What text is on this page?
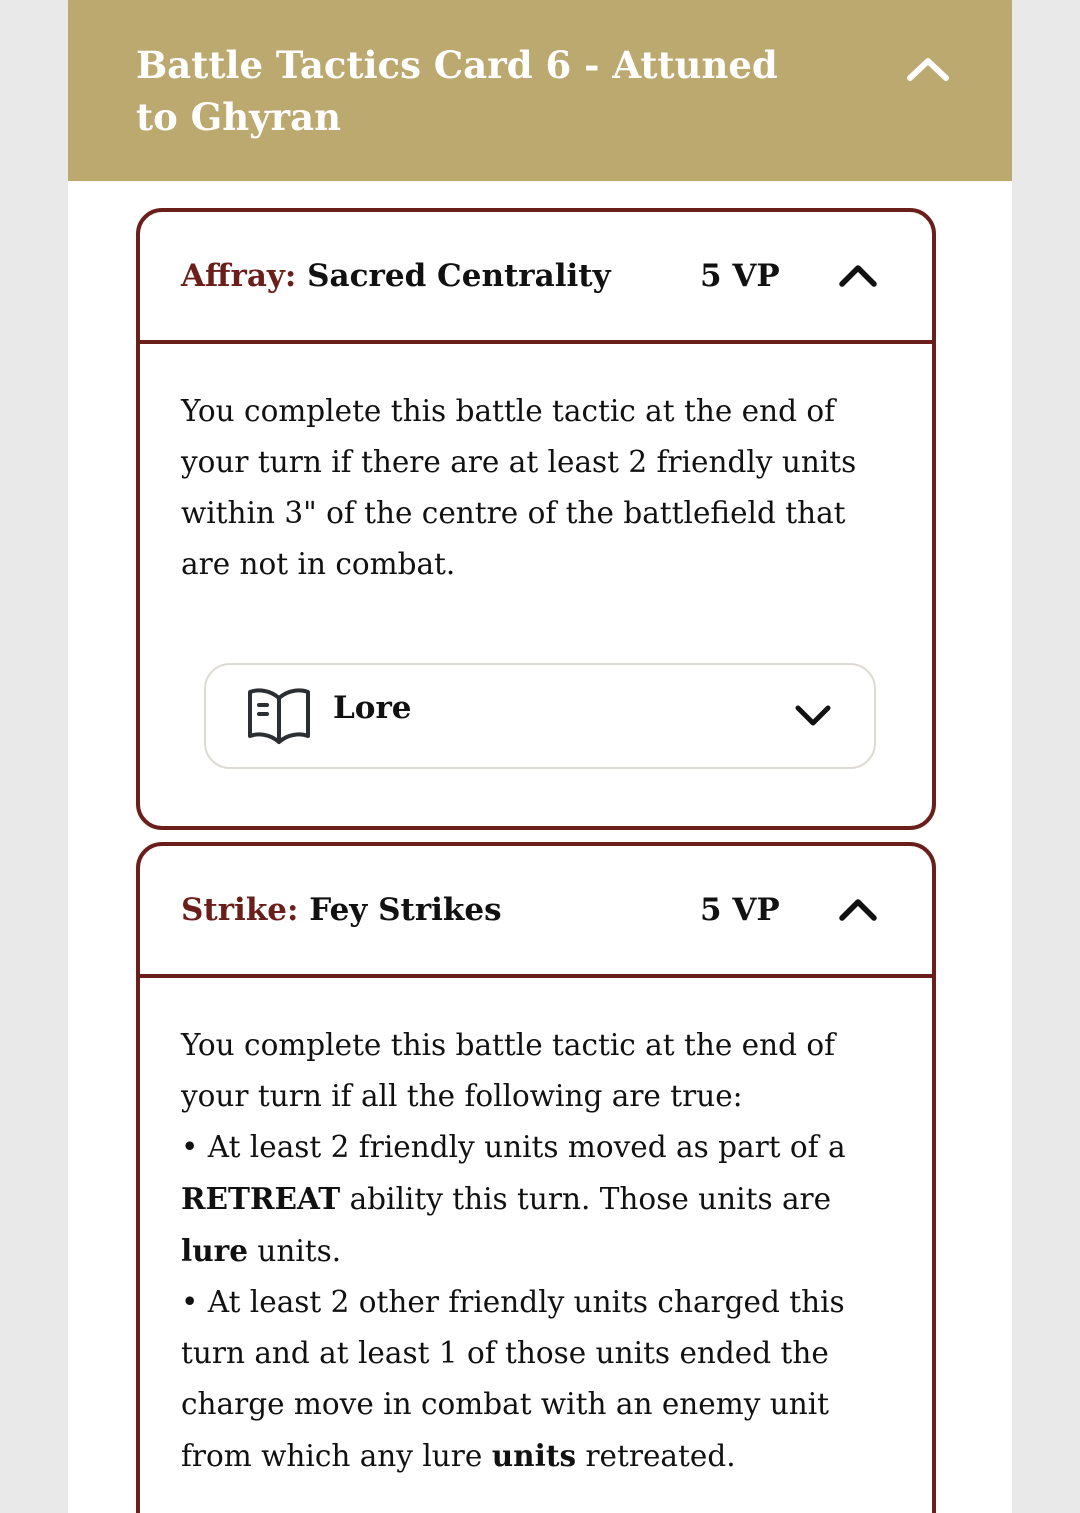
Battle Tactics Card 6 - Attuned to Ghyran
Affray: Sacred Centrality	5 VP

You complete this battle tactic at the end of your turn if there are at least 2 friendly units within 3" of the centre of the battlefield that are not in combat.

Lore
Strike: Fey Strikes	5 VP

You complete this battle tactic at the end of your turn if all the following are true:

• At least 2 friendly units moved as part of a RETREAT ability this turn. Those units are lure units.

• At least 2 other friendly units charged this turn and at least 1 of those units ended the charge move in combat with an enemy unit from which any lure units retreated.
